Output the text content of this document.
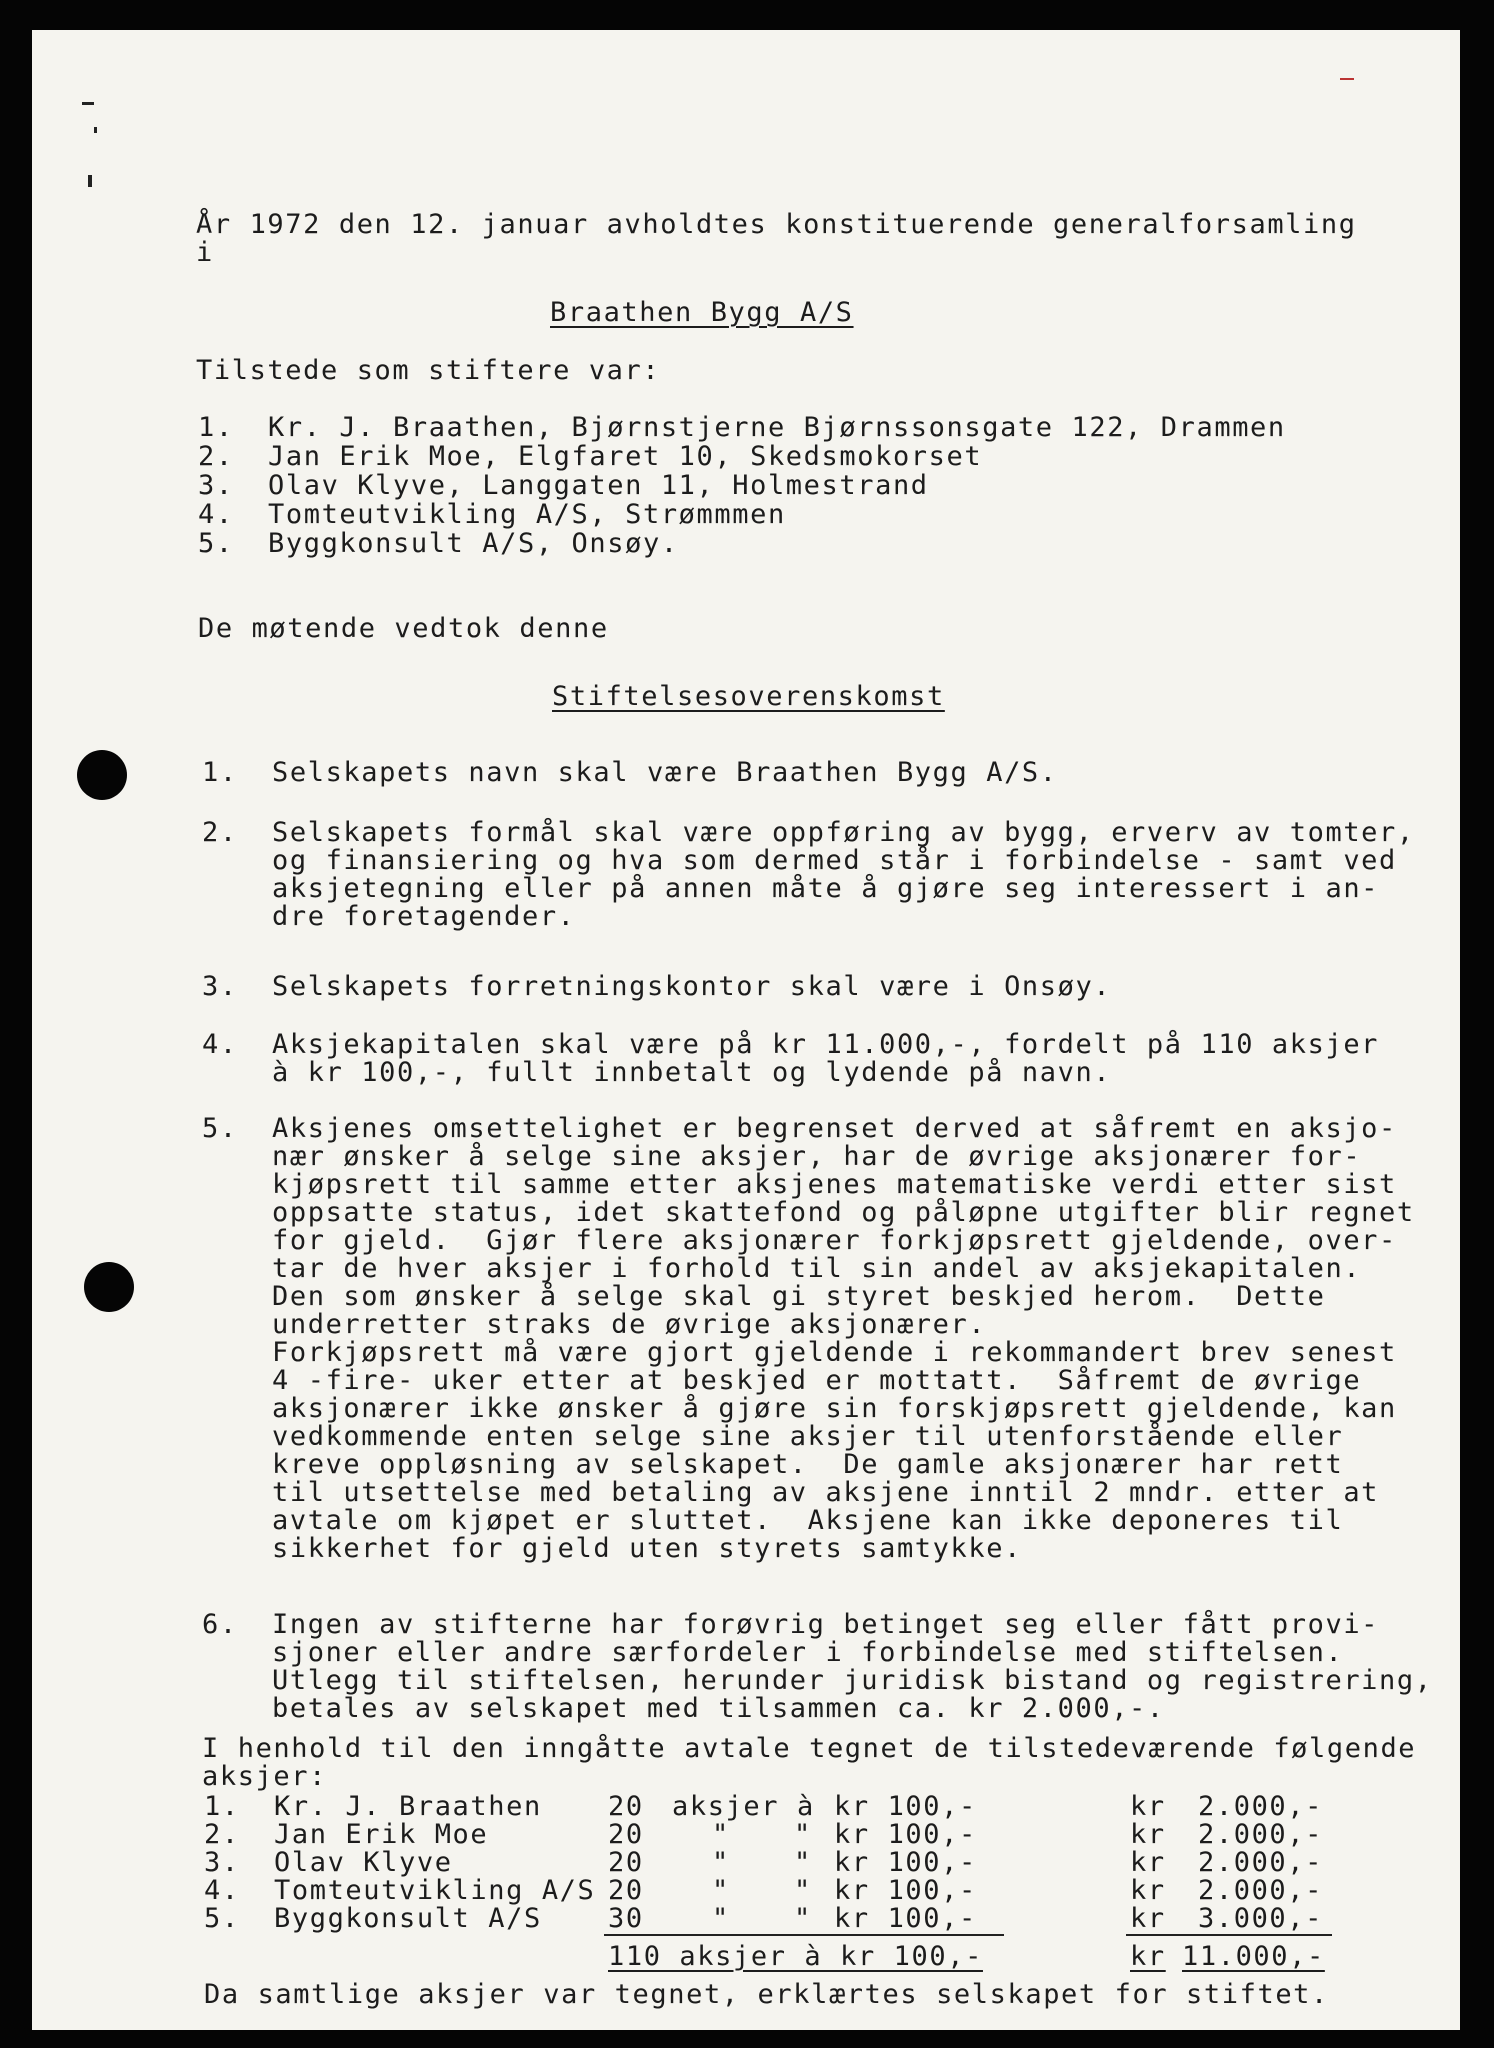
År 1972 den 12. januar avholdtes konstituerende generalforsamling
i
Braathen Bygg A/S
Tilstede som stiftere var:
1. Kr. J. Braathen, Bjørnstjerne Bjørnssonsgate 122, Drammen
2. Jan Erik Moe, Elgfaret 10, Skedsmokorset
3. Olav Klyve, Langgaten 11, Holmestrand
4. Tomteutvikling A/S, Strømmmen
5. Byggkonsult A/S, Onsøy.
De møtende vedtok denne
Stiftelsesoverenskomst
1. Selskapets navn skal være Braathen Bygg A/S.
2. Selskapets formål skal være oppføring av bygg, erverv av tomter,
og finansiering og hva som dermed står i forbindelse - samt ved
aksjetegning eller på annen måte å gjøre seg interessert i an-
dre foretagender.
3. Selskapets forretningskontor skal være i Onsøy.
4. Aksjekapitalen skal være på kr 11.000,-, fordelt på 110 aksjer
à kr 100,-, fullt innbetalt og lydende på navn.
5. Aksjenes omsettelighet er begrenset derved at såfremt en aksjo-
nær ønsker å selge sine aksjer, har de øvrige aksjonærer for-
kjøpsrett til samme etter aksjenes matematiske verdi etter sist
oppsatte status, idet skattefond og påløpne utgifter blir regnet
for gjeld.  Gjør flere aksjonærer forkjøpsrett gjeldende, over-
tar de hver aksjer i forhold til sin andel av aksjekapitalen.
Den som ønsker å selge skal gi styret beskjed herom.  Dette
underretter straks de øvrige aksjonærer.
Forkjøpsrett må være gjort gjeldende i rekommandert brev senest
4 -fire- uker etter at beskjed er mottatt.  Såfremt de øvrige
aksjonærer ikke ønsker å gjøre sin forskjøpsrett gjeldende, kan
vedkommende enten selge sine aksjer til utenforstående eller
kreve oppløsning av selskapet.  De gamle aksjonærer har rett
til utsettelse med betaling av aksjene inntil 2 mndr. etter at
avtale om kjøpet er sluttet.  Aksjene kan ikke deponeres til
sikkerhet for gjeld uten styrets samtykke.
6. Ingen av stifterne har forøvrig betinget seg eller fått provi-
sjoner eller andre særfordeler i forbindelse med stiftelsen.
Utlegg til stiftelsen, herunder juridisk bistand og registrering,
betales av selskapet med tilsammen ca. kr 2.000,-.
I henhold til den inngåtte avtale tegnet de tilstedeværende følgende
aksjer:
1. Kr. J. Braathen 20 aksjer à kr 100,-	kr 2.000,-
2. Jan Erik Moe	20	" " kr 100,-	kr 2.000,-
3. Olav Klyve	20	" " kr 100,-	kr 2.000,-
4. Tomteutvikling A/S 20	" " kr 100,-	kr 2.000,-
5. Byggkonsult A/S 30	" " kr 100,-	kr 3.000,-
110 aksjer à kr 100,-	kr 11.000,-
Da samtlige aksjer var tegnet, erklærtes selskapet for stiftet.
